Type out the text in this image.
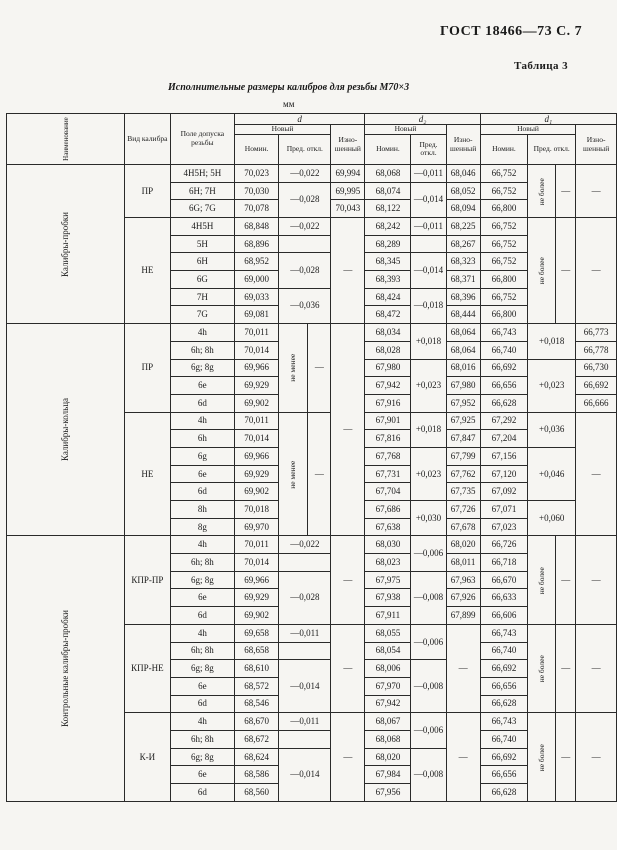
ГОСТ 18466—73 С. 7
Таблица 3
Исполнительные размеры калибров для резьбы М70×3
мм
Наименование	Вид калибра	Поле допуска резьбы	d				d₂			d₁			
			Новый			Изно-шенный	Новый		Изно-шенный	Новый			Изно-шенный
			Номин.	Пред. откл.			Номин.	Пред. откл.		Номин.	Пред. откл.		
Калибры-пробки	ПР	4Н5Н; 5Н	70,023	—0,022		69,994	68,068	—0,011	68,046	66,752	не более	—	—
		6Н; 7Н	70,030	—0,028		69,995	68,074	—0,014	68,052	66,752			
		6G; 7G	70,078			70,043	68,122		68,094	66,800			
	НЕ	4Н5Н	68,848	—0,022		—	68,242	—0,011	68,225	66,752	не более	—	—
		5Н	68,896				68,289		68,267	66,752			
		6Н	68,952	—0,028			68,345	—0,014	68,323	66,752			
		6G	69,000				68,393		68,371	66,800			
		7Н	69,033	—0,036			68,424	—0,018	68,396	66,752			
		7G	69,081				68,472		68,444	66,800			
Калибры-кольца	ПР	4h	70,011	не менее	—	—	68,034	+0,018	68,064	66,743	+0,018		66,773
		6h; 8h	70,014				68,028		68,064	66,740			66,778
		6g; 8g	69,966				67,980	+0,023	68,016	66,692	+0,023		66,730
		6e	69,929				67,942		67,980	66,656			66,692
		6d	69,902				67,916		67,952	66,628			66,666
	НЕ	4h	70,011	не менее	—		67,901	+0,018	67,925	67,292	+0,036		—
		6h	70,014				67,816		67,847	67,204			
		6g	69,966				67,768	+0,023	67,799	67,156	+0,046		
		6e	69,929				67,731		67,762	67,120			
		6d	69,902				67,704		67,735	67,092			
		8h	70,018				67,686	+0,030	67,726	67,071	+0,060		
		8g	69,970				67,638		67,678	67,023			
Контрольные калибры-пробки	КПР-ПР	4h	70,011	—0,022		—	68,030	—0,006	68,020	66,726	не более	—	—
		6h; 8h	70,014				68,023		68,011	66,718			
		6g; 8g	69,966	—0,028			67,975	—0,008	67,963	66,670			
		6e	69,929				67,938		67,926	66,633			
		6d	69,902				67,911		67,899	66,606			
	КПР-НЕ	4h	69,658	—0,011		—	68,055	—0,006	—	66,743	не более	—	—
		6h; 8h	68,658				68,054			66,740			
		6g; 8g	68,610	—0,014			68,006	—0,008		66,692			
		6e	68,572				67,970			66,656			
		6d	68,546				67,942			66,628			
	К-И	4h	68,670	—0,011		—	68,067	—0,006	—	66,743	не более	—	—
		6h; 8h	68,672				68,068			66,740			
		6g; 8g	68,624	—0,014			68,020	—0,008		66,692			
		6e	68,586				67,984			66,656			
		6d	68,560				67,956			66,628			
